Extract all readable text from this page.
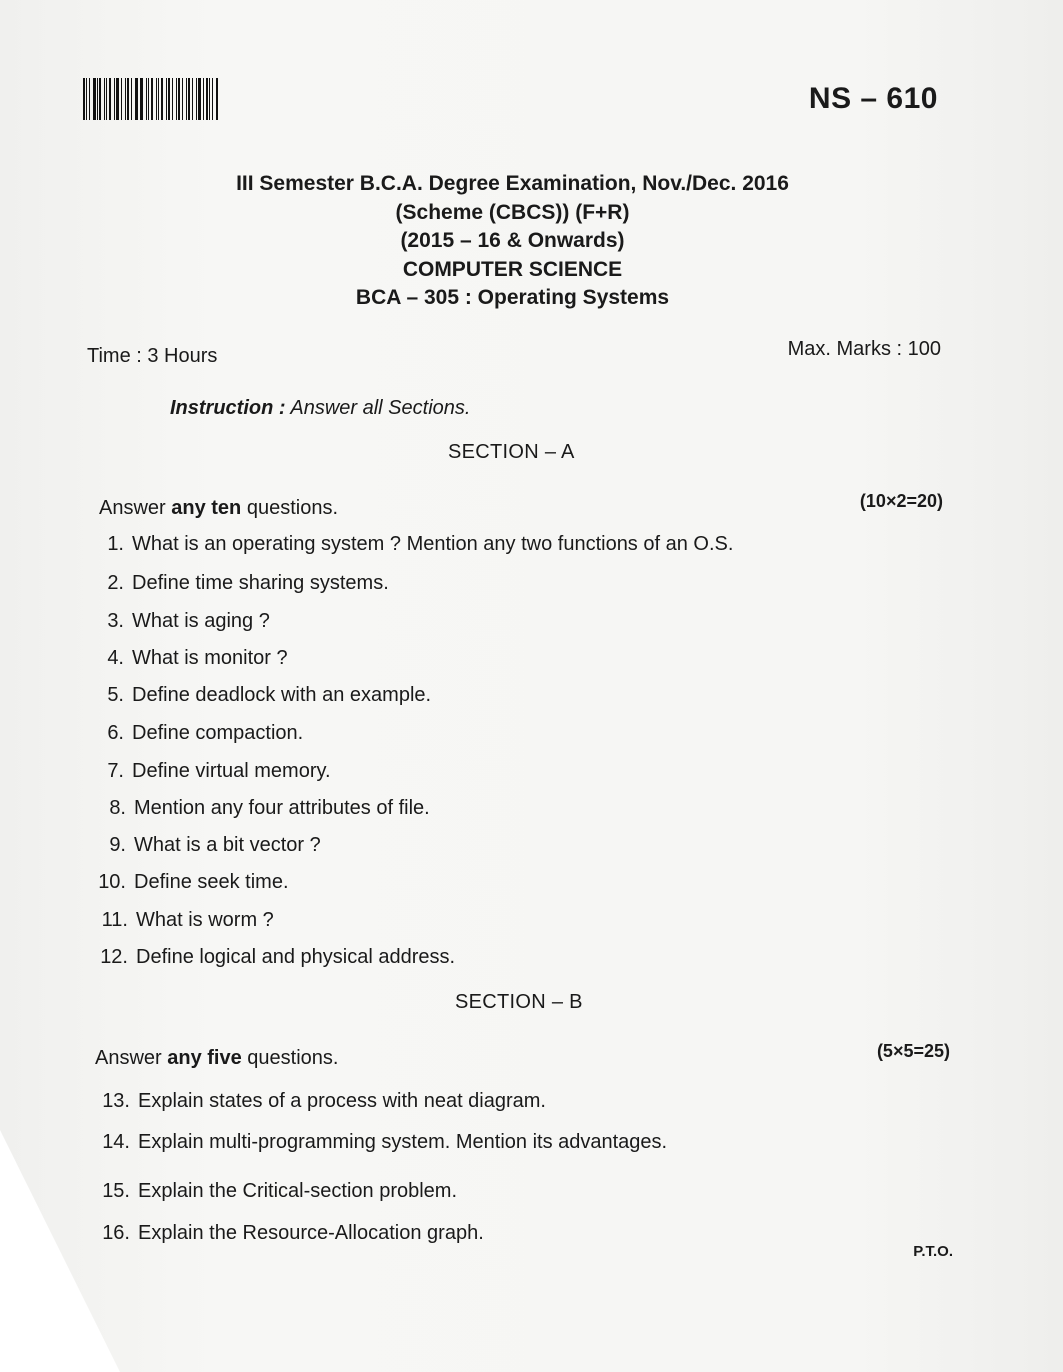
NS – 610
III Semester B.C.A. Degree Examination, Nov./Dec. 2016
(Scheme (CBCS)) (F+R)
(2015 – 16 & Onwards)
COMPUTER SCIENCE
BCA – 305 : Operating Systems
Time : 3 Hours	Max. Marks : 100
Instruction : Answer all Sections.
SECTION – A
Answer any ten questions.	(10×2=20)
1. What is an operating system ? Mention any two functions of an O.S.
2. Define time sharing systems.
3. What is aging ?
4. What is monitor ?
5. Define deadlock with an example.
6. Define compaction.
7. Define virtual memory.
8. Mention any four attributes of file.
9. What is a bit vector ?
10. Define seek time.
11. What is worm ?
12. Define logical and physical address.
SECTION – B
Answer any five questions.	(5×5=25)
13. Explain states of a process with neat diagram.
14. Explain multi-programming system. Mention its advantages.
15. Explain the Critical-section problem.
16. Explain the Resource-Allocation graph.
P.T.O.
